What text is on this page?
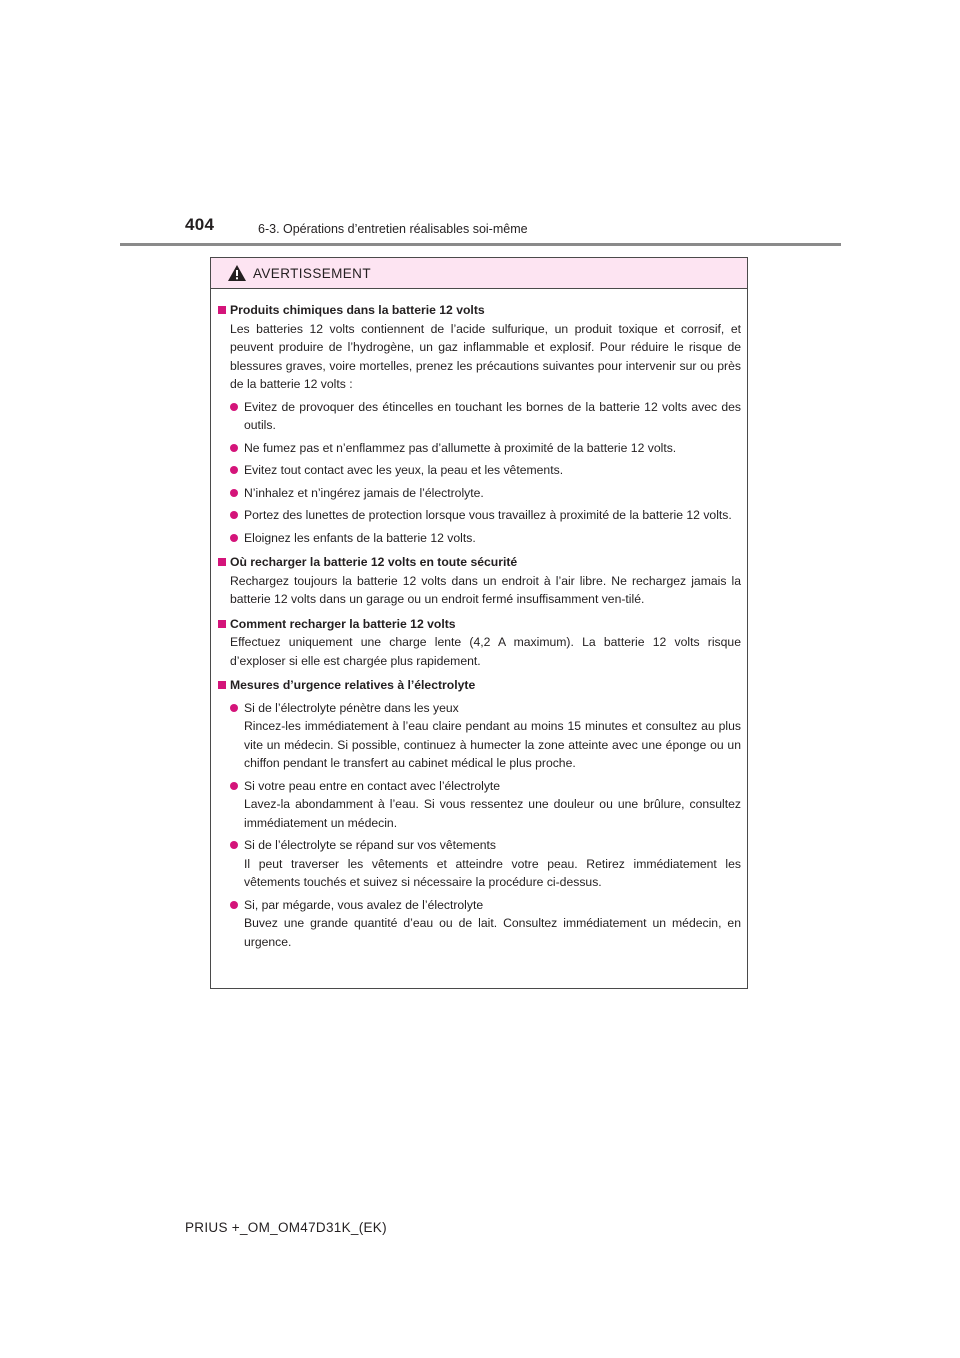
404	6-3. Opérations d’entretien réalisables soi-même
AVERTISSEMENT
Produits chimiques dans la batterie 12 volts
Les batteries 12 volts contiennent de l’acide sulfurique, un produit toxique et corrosif, et peuvent produire de l’hydrogène, un gaz inflammable et explosif. Pour réduire le risque de blessures graves, voire mortelles, prenez les précautions suivantes pour intervenir sur ou près de la batterie 12 volts :
Evitez de provoquer des étincelles en touchant les bornes de la batterie 12 volts avec des outils.
Ne fumez pas et n’enflammez pas d’allumette à proximité de la batterie 12 volts.
Evitez tout contact avec les yeux, la peau et les vêtements.
N’inhalez et n’ingérez jamais de l’électrolyte.
Portez des lunettes de protection lorsque vous travaillez à proximité de la batterie 12 volts.
Eloignez les enfants de la batterie 12 volts.
Où recharger la batterie 12 volts en toute sécurité
Rechargez toujours la batterie 12 volts dans un endroit à l’air libre. Ne rechargez jamais la batterie 12 volts dans un garage ou un endroit fermé insuffisamment ven-tilé.
Comment recharger la batterie 12 volts
Effectuez uniquement une charge lente (4,2 A maximum). La batterie 12 volts risque d’exploser si elle est chargée plus rapidement.
Mesures d’urgence relatives à l’électrolyte
Si de l’électrolyte pénètre dans les yeux
Rincez-les immédiatement à l’eau claire pendant au moins 15 minutes et consultez au plus vite un médecin. Si possible, continuez à humecter la zone atteinte avec une éponge ou un chiffon pendant le transfert au cabinet médical le plus proche.
Si votre peau entre en contact avec l’électrolyte
Lavez-la abondamment à l’eau. Si vous ressentez une douleur ou une brûlure, consultez immédiatement un médecin.
Si de l’électrolyte se répand sur vos vêtements
Il peut traverser les vêtements et atteindre votre peau. Retirez immédiatement les vêtements touchés et suivez si nécessaire la procédure ci-dessus.
Si, par mégarde, vous avalez de l’électrolyte
Buvez une grande quantité d’eau ou de lait. Consultez immédiatement un médecin, en urgence.
PRIUS +_OM_OM47D31K_(EK)
